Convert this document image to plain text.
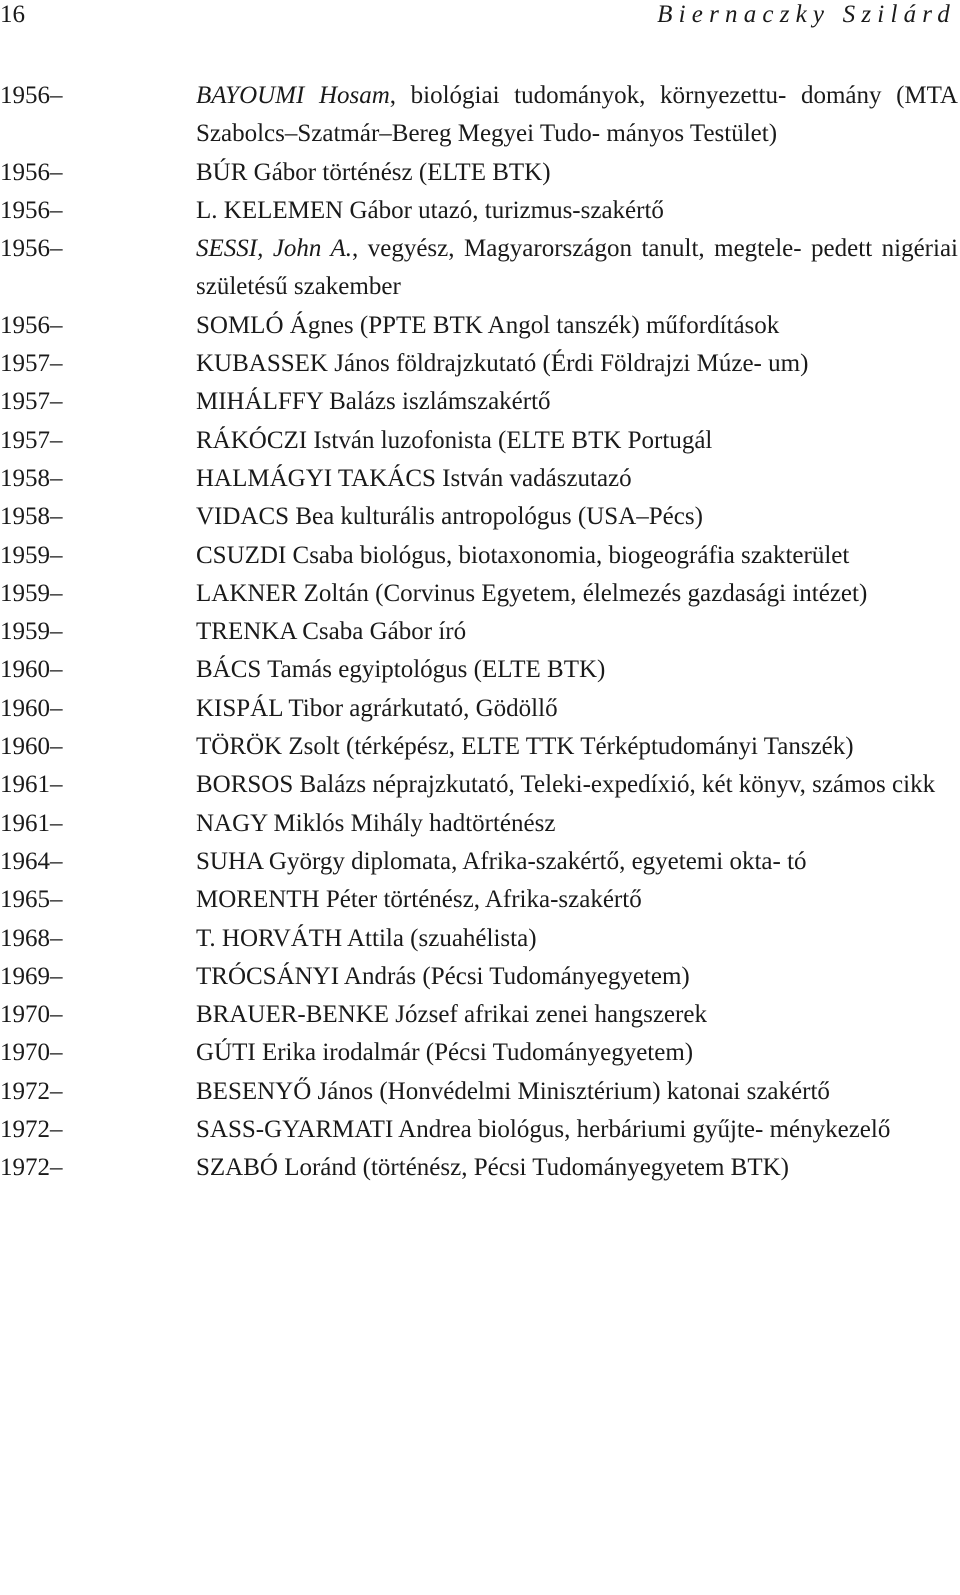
16	Biernaczky Szilárd
1956–	BAYOUMI Hosam, biológiai tudományok, környezettu- domány (MTA Szabolcs–Szatmár–Bereg Megyei Tudo- mányos Testület)
1956–	BÚR Gábor történész (ELTE BTK)
1956–	L. KELEMEN Gábor utazó, turizmus-szakértő
1956–	SESSI, John A., vegyész, Magyarországon tanult, megtele- pedett nigériai születésű szakember
1956–	SOMLÓ Ágnes (PPTE BTK Angol tanszék) műfordítások
1957–	KUBASSEK János földrajzkutató (Érdi Földrajzi Múze- um)
1957–	MIHÁLFFY Balázs iszlámszakértő
1957–	RÁKÓCZI István luzofonista (ELTE BTK Portugál
1958–	HALMÁGYI TAKÁCS István vadászutazó
1958–	VIDACS Bea kulturális antropológus (USA–Pécs)
1959–	CSUZDI Csaba biológus, biotaxonomia, biogeográfia szakterület
1959–	LAKNER Zoltán (Corvinus Egyetem, élelmezés gazdasági intézet)
1959–	TRENKA Csaba Gábor író
1960–	BÁCS Tamás egyiptológus (ELTE BTK)
1960–	KISPÁL Tibor agrárkutató, Gödöllő
1960–	TÖRÖK Zsolt (térképész, ELTE TTK Térképtudományi Tanszék)
1961–	BORSOS Balázs néprajzkutató, Teleki-expedíxió, két könyv, számos cikk
1961–	NAGY Miklós Mihály hadtörténész
1964–	SUHA György diplomata, Afrika-szakértő, egyetemi okta- tó
1965–	MORENTH Péter történész, Afrika-szakértő
1968–	T. HORVÁTH Attila (szuahélista)
1969–	TRÓCSÁNYI András (Pécsi Tudományegyetem)
1970–	BRAUER-BENKE József afrikai zenei hangszerek
1970–	GÚTI Erika irodalmár (Pécsi Tudományegyetem)
1972–	BESENYŐ János (Honvédelmi Minisztérium) katonai szakértő
1972–	SASS-GYARMATI Andrea biológus, herbáriumi gyűjte- ménykezelő
1972–	SZABÓ Loránd (történész, Pécsi Tudományegyetem BTK)
